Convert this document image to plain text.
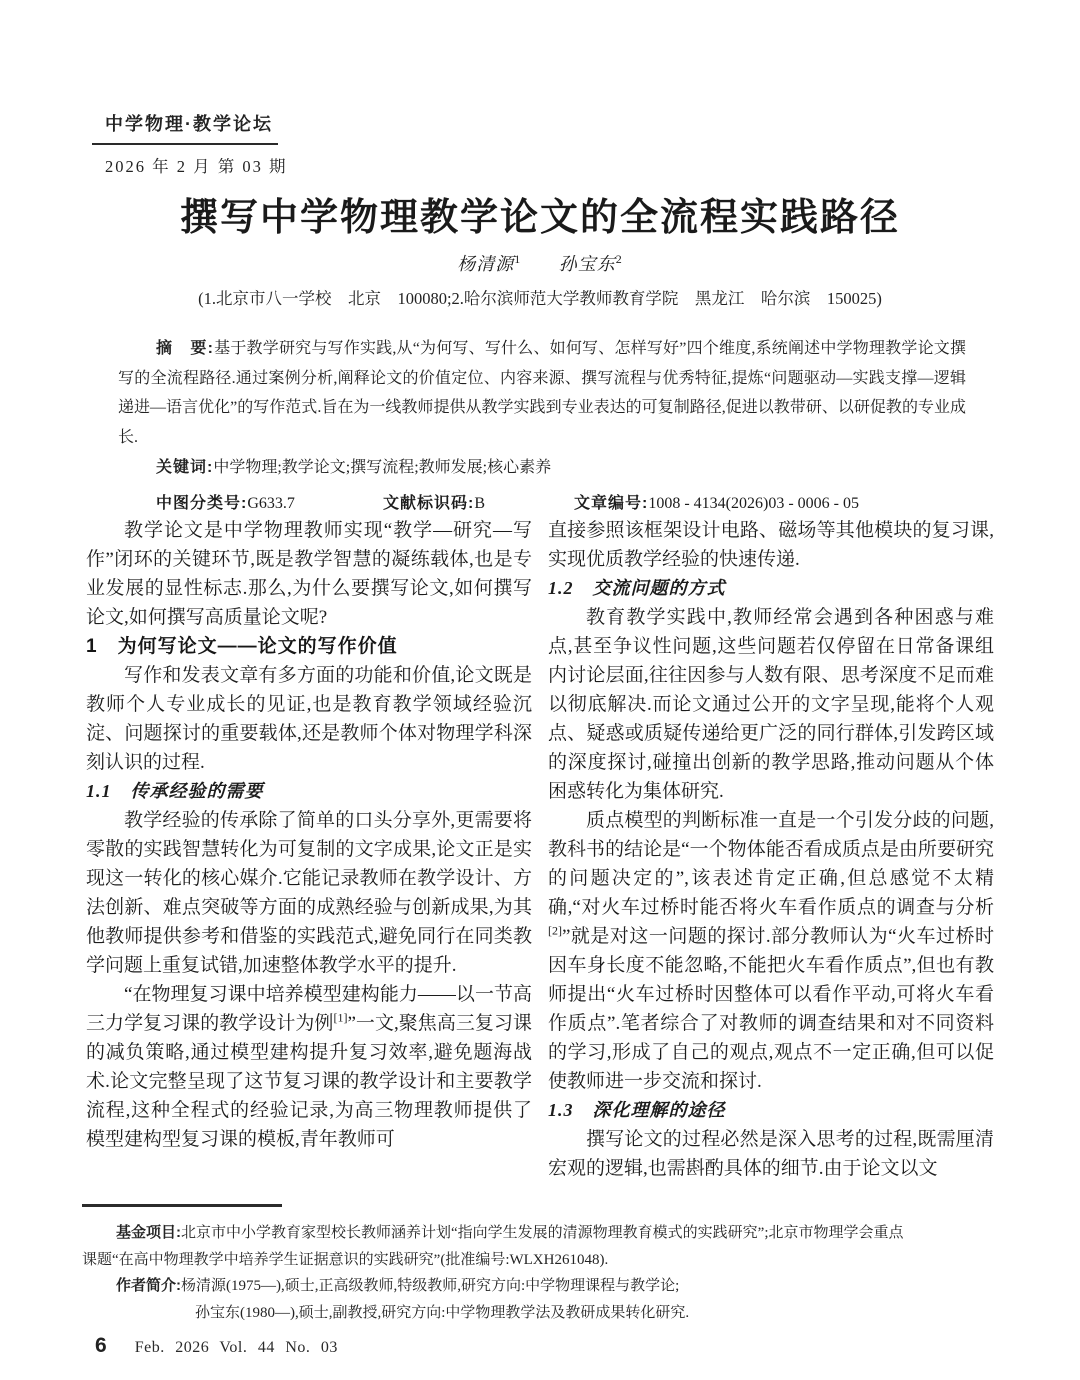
中学物理·教学论坛
2026 年 2 月 第 03 期
撰写中学物理教学论文的全流程实践路径
杨清源$^1$ 孙宝东$^2$
(1.北京市八一学校　北京　100080;2.哈尔滨师范大学教师教育学院　黑龙江　哈尔滨　150025)

摘　要:基于教学研究与写作实践,从“为何写、写什么、如何写、怎样写好”四个维度,系统阐述中学物理教学论文撰写的全流程路径.通过案例分析,阐释论文的价值定位、内容来源、撰写流程与优秀特征,提炼“问题驱动—实践支撑—逻辑递进—语言优化”的写作范式.旨在为一线教师提供从教学实践到专业表达的可复制路径,促进以教带研、以研促教的专业成长.

关键词:中学物理;教学论文;撰写流程;教师发展;核心素养

中图分类号:G633.7	文献标识码:B	文章编号:1008 - 4134(2026)03 - 0006 - 05

教学论文是中学物理教师实现“教学—研究—写作”闭环的关键环节,既是教学智慧的凝练载体,也是专业发展的显性标志.那么,为什么要撰写论文,如何撰写论文,如何撰写高质量论文呢?

1　为何写论文——论文的写作价值

写作和发表文章有多方面的功能和价值,论文既是教师个人专业成长的见证,也是教育教学领域经验沉淀、问题探讨的重要载体,还是教师个体对物理学科深刻认识的过程.

1.1　传承经验的需要

教学经验的传承除了简单的口头分享外,更需要将零散的实践智慧转化为可复制的文字成果,论文正是实现这一转化的核心媒介.它能记录教师在教学设计、方法创新、难点突破等方面的成熟经验与创新成果,为其他教师提供参考和借鉴的实践范式,避免同行在同类教学问题上重复试错,加速整体教学水平的提升.

“在物理复习课中培养模型建构能力——以一节高三力学复习课的教学设计为例[1]”一文,聚焦高三复习课的减负策略,通过模型建构提升复习效率,避免题海战术.论文完整呈现了这节复习课的教学设计和主要教学流程,这种全程式的经验记录,为高三物理教师提供了模型建构型复习课的模板,青年教师可

直接参照该框架设计电路、磁场等其他模块的复习课,实现优质教学经验的快速传递.

1.2　交流问题的方式

教育教学实践中,教师经常会遇到各种困惑与难点,甚至争议性问题,这些问题若仅停留在日常备课组内讨论层面,往往因参与人数有限、思考深度不足而难以彻底解决.而论文通过公开的文字呈现,能将个人观点、疑惑或质疑传递给更广泛的同行群体,引发跨区域的深度探讨,碰撞出创新的教学思路,推动问题从个体困惑转化为集体研究.

质点模型的判断标准一直是一个引发分歧的问题,教科书的结论是“一个物体能否看成质点是由所要研究的问题决定的”,该表述肯定正确,但总感觉不太精确,“对火车过桥时能否将火车看作质点的调查与分析[2]”就是对这一问题的探讨.部分教师认为“火车过桥时因车身长度不能忽略,不能把火车看作质点”,但也有教师提出“火车过桥时因整体可以看作平动,可将火车看作质点”.笔者综合了对教师的调查结果和对不同资料的学习,形成了自己的观点,观点不一定正确,但可以促使教师进一步交流和探讨.

1.3　深化理解的途径

撰写论文的过程必然是深入思考的过程,既需厘清宏观的逻辑,也需斟酌具体的细节.由于论文以文

基金项目:北京市中小学教育家型校长教师涵养计划“指向学生发展的清源物理教育模式的实践研究”;北京市物理学会重点
课题“在高中物理教学中培养学生证据意识的实践研究”(批准编号:WLXH261048).
作者简介:杨清源(1975—),硕士,正高级教师,特级教师,研究方向:中学物理课程与教学论;
孙宝东(1980—),硕士,副教授,研究方向:中学物理教学法及教研成果转化研究.
6 Feb. 2026 Vol. 44 No. 03
